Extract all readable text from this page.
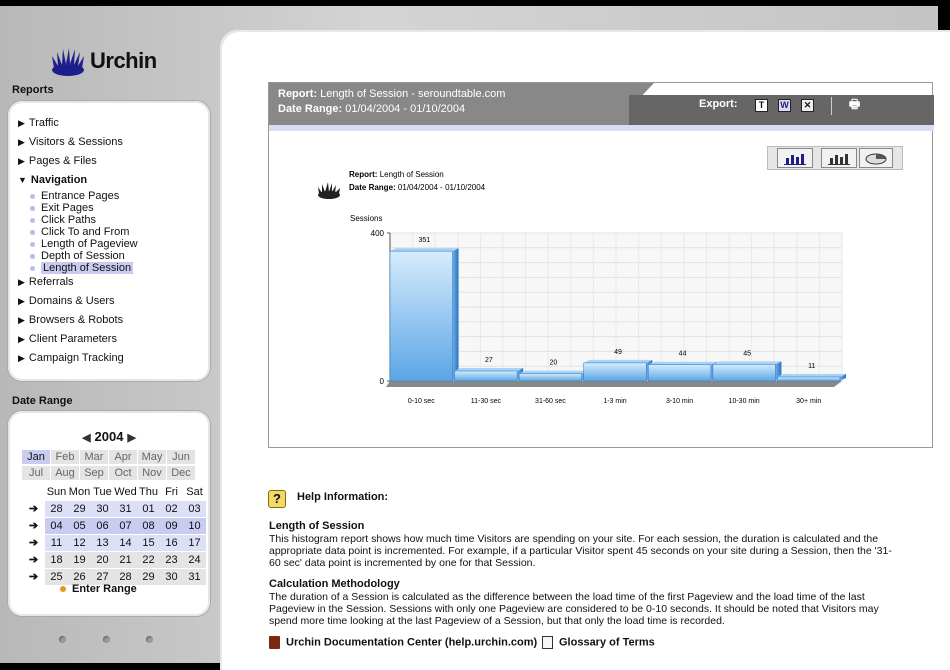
Urchin
Reports
▶ Traffic
▶ Visitors & Sessions
▶ Pages & Files
▼ Navigation
Entrance Pages
Exit Pages
Click Paths
Click To and From
Length of Pageview
Depth of Session
Length of Session
▶ Referrals
▶ Domains & Users
▶ Browsers & Robots
▶ Client Parameters
▶ Campaign Tracking
Date Range
◀ 2004 ▶
Jan Feb Mar Apr May Jun
Jul	Aug Sep Oct Nov Dec
Sun Mon Tue Wed Thu Fri Sat
➔	28 29 30 31 01 02 03
➔	04 05 06 07 08 09 10
➔	11	12 13 14 15 16 17
➔	18 19 20 21 22 23 24
➔	25 26 27 28 29 30 31
Enter Range
Report: Length of Session - seroundtable.com
Date Range: 01/04/2004 - 01/10/2004	Export:	T	W	✕	🖶
Report: Length of Session
Date Range: 01/04/2004 - 01/10/2004
Sessions
400
0
351
0-10 sec
27
11-30 sec
20
31-60 sec
49
1-3 min
44
3-10 min
45
10-30 min
11
30+ min
?	Help Information:
Length of Session
This histogram report shows how much time Visitors are spending on your site. For each session, the duration is calculated and the appropriate data point is incremented. For example, if a particular Visitor spent 45 seconds on your site during a Session, then the '31-60 sec' data point is incremented by one for that Session.
Calculation Methodology
The duration of a Session is calculated as the difference between the load time of the first Pageview and the load time of the last Pageview in the Session. Sessions with only one Pageview are considered to be 0-10 seconds. It should be noted that Visitors may spend more time looking at the last Pageview of a Session, but that only the load time is recorded.
Urchin Documentation Center (help.urchin.com)	Glossary of Terms
